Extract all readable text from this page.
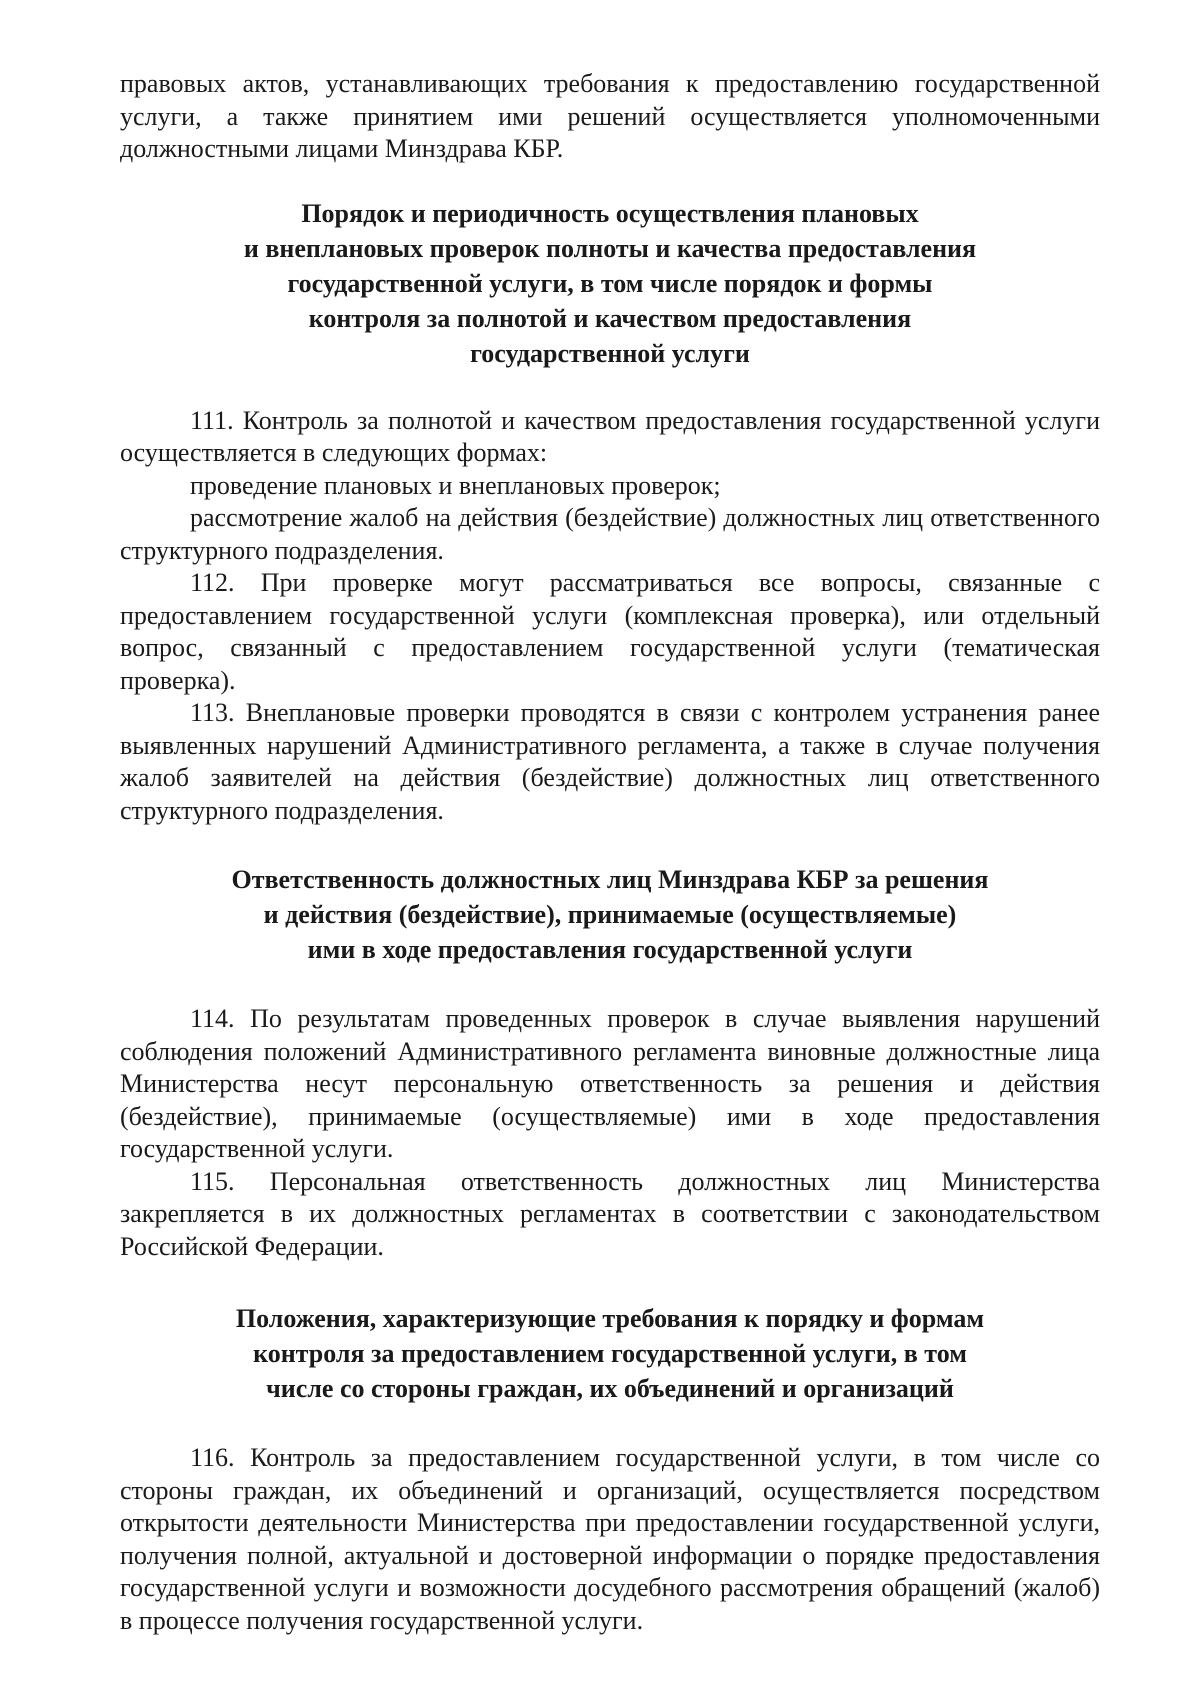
правовых актов, устанавливающих требования к предоставлению государственной услуги, а также принятием ими решений осуществляется уполномоченными должностными лицами Минздрава КБР.

Порядок и периодичность осуществления плановых
и внеплановых проверок полноты и качества предоставления
государственной услуги, в том числе порядок и формы
контроля за полнотой и качеством предоставления
государственной услуги

111. Контроль за полнотой и качеством предоставления государственной услуги осуществляется в следующих формах:

проведение плановых и внеплановых проверок;

рассмотрение жалоб на действия (бездействие) должностных лиц ответственного структурного подразделения.

112. При проверке могут рассматриваться все вопросы, связанные с предоставлением государственной услуги (комплексная проверка), или отдельный вопрос, связанный с предоставлением государственной услуги (тематическая проверка).

113. Внеплановые проверки проводятся в связи с контролем устранения ранее выявленных нарушений Административного регламента, а также в случае получения жалоб заявителей на действия (бездействие) должностных лиц ответственного структурного подразделения.

Ответственность должностных лиц Минздрава КБР за решения
и действия (бездействие), принимаемые (осуществляемые)
ими в ходе предоставления государственной услуги

114. По результатам проведенных проверок в случае выявления нарушений соблюдения положений Административного регламента виновные должностные лица Министерства несут персональную ответственность за решения и действия (бездействие), принимаемые (осуществляемые) ими в ходе предоставления государственной услуги.

115. Персональная ответственность должностных лиц Министерства закрепляется в их должностных регламентах в соответствии с законодательством Российской Федерации.

Положения, характеризующие требования к порядку и формам
контроля за предоставлением государственной услуги, в том
числе со стороны граждан, их объединений и организаций

116. Контроль за предоставлением государственной услуги, в том числе со стороны граждан, их объединений и организаций, осуществляется посредством открытости деятельности Министерства при предоставлении государственной услуги, получения полной, актуальной и достоверной информации о порядке предоставления государственной услуги и возможности досудебного рассмотрения обращений (жалоб) в процессе получения государственной услуги.
